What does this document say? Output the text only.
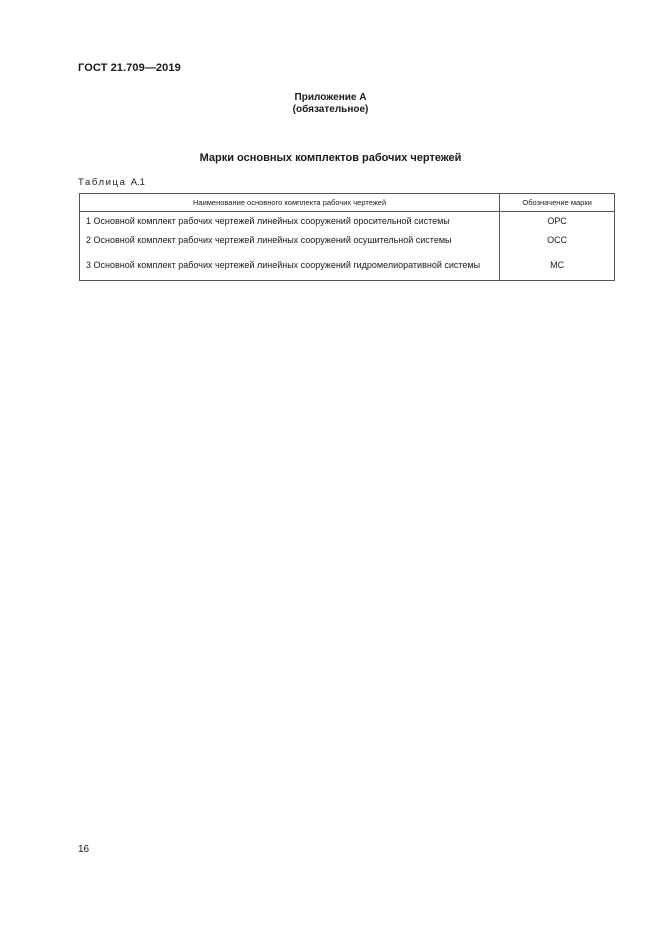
ГОСТ 21.709—2019
Приложение А
(обязательное)
Марки основных комплектов рабочих чертежей
Таблица А.1
Наименование основного комплекта рабочих чертежей	Обозначение марки
1 Основной комплект рабочих чертежей линейных сооружений оросительной системы	ОРС
2 Основной комплект рабочих чертежей линейных сооружений осушительной системы	ОСС
3 Основной комплект рабочих чертежей линейных сооружений гидромелиоративной системы	МС
16
